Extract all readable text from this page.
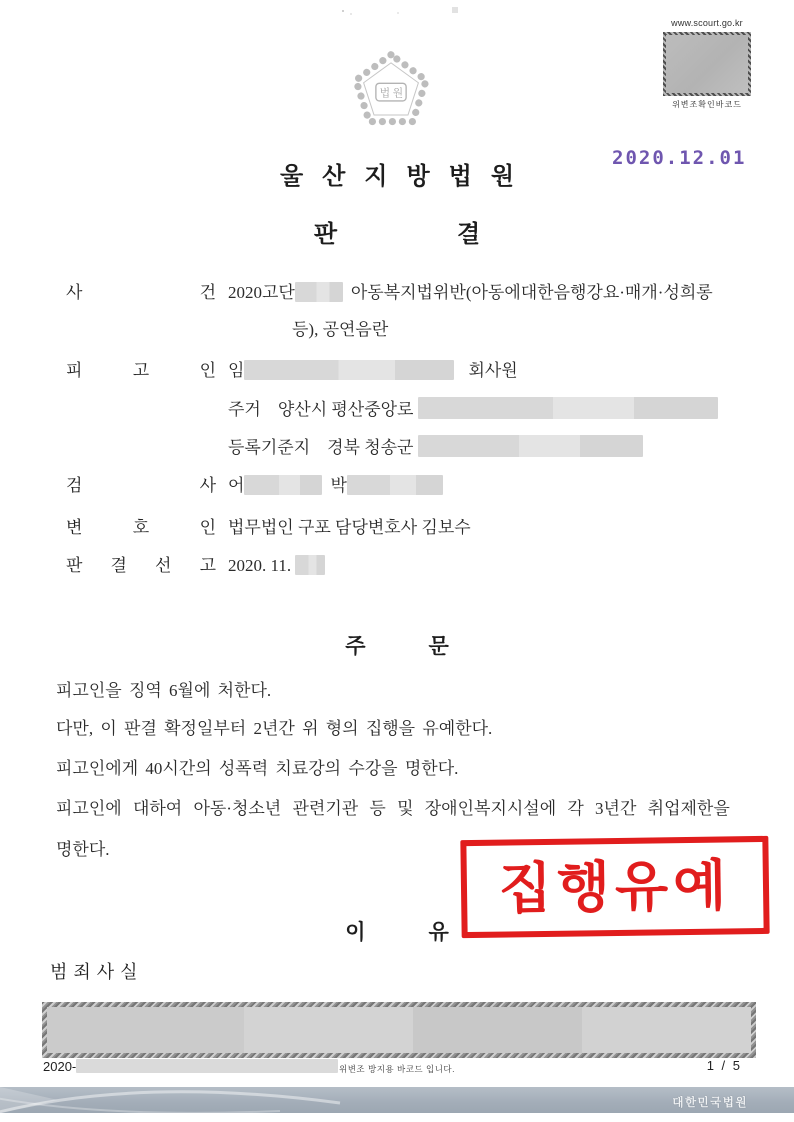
법원
www.scourt.go.kr
위변조확인바코드
2020.12.01
울산지방법원
판　　　　　결
사 건 2020고단	아동복지법위반(아동에대한음행강요·매개·성희롱
등), 공연음란
피 고 인 임	회사원
주거　양산시 평산중앙로
등록기준지　경북 청송군
검 사 어	박
변 호 인 법무법인 구포 담당변호사 김보수
판 결 선 고 2020. 11.
주　　　문
피고인을 징역 6월에 처한다.
다만, 이 판결 확정일부터 2년간 위 형의 집행을 유예한다.
피고인에게 40시간의 성폭력 치료강의 수강을 명한다.
피고인에 대하여 아동·청소년 관련기관 등 및 장애인복지시설에 각 3년간 취업제한을
명한다.
집행유예
이　　　유
범죄사실
2020-	위변조 방지용 바코드 입니다.	1 / 5
대한민국법원
